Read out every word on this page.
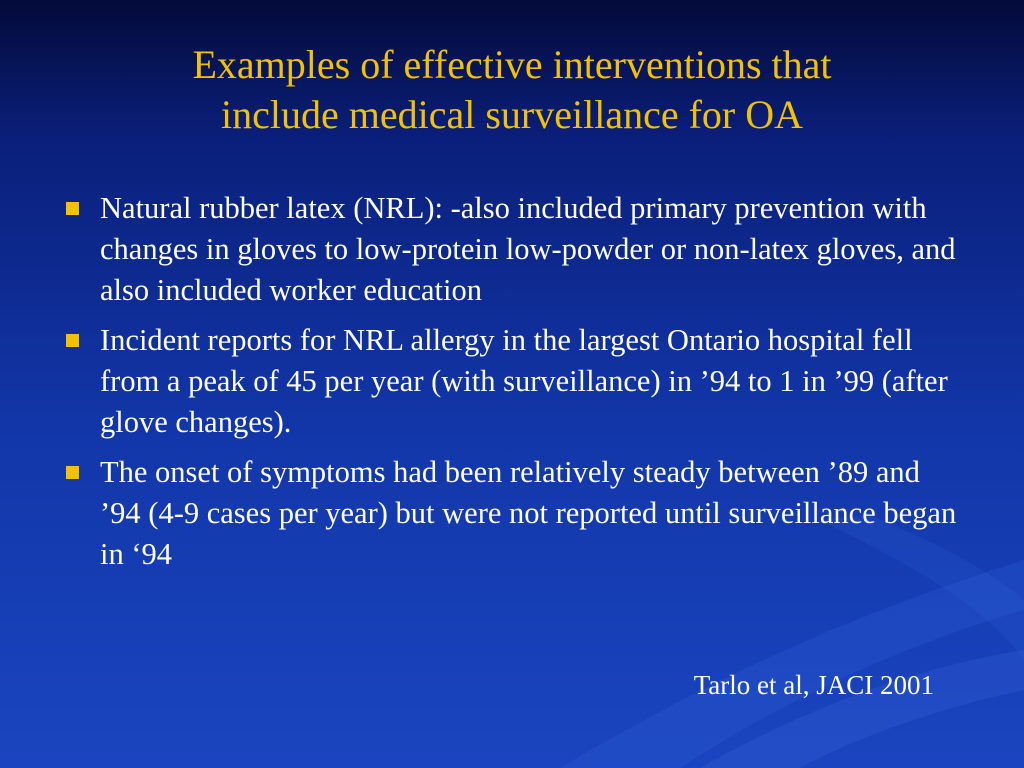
Examples of effective interventions that
include medical surveillance for OA
Natural rubber latex (NRL): -also included primary prevention with changes in gloves to low-protein low-powder or non-latex gloves, and also included worker education
Incident reports for NRL allergy in the largest Ontario hospital fell from a peak of 45 per year (with surveillance) in ’94 to 1 in ’99 (after glove changes).
The onset of symptoms had been relatively steady between ’89 and ’94 (4-9 cases per year) but were not reported until surveillance began in ‘94
Tarlo et al, JACI 2001
